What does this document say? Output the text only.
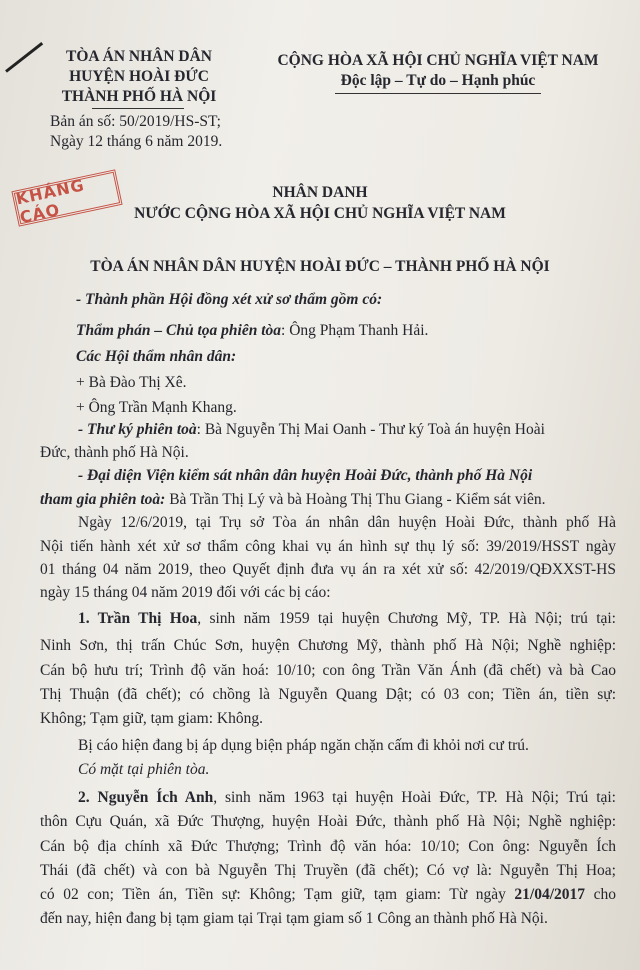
TÒA ÁN NHÂN DÂN
HUYỆN HOÀI ĐỨC
THÀNH PHỐ HÀ NỘI
Bản án số: 50/2019/HS-ST;
Ngày 12 tháng 6 năm 2019.
CỘNG HÒA XÃ HỘI CHỦ NGHĨA VIỆT NAM
Độc lập – Tự do – Hạnh phúc
KHÁNG CÁO
NHÂN DANH
NƯỚC CỘNG HÒA XÃ HỘI CHỦ NGHĨA VIỆT NAM
TÒA ÁN NHÂN DÂN HUYỆN HOÀI ĐỨC – THÀNH PHỐ HÀ NỘI
- Thành phần Hội đồng xét xử sơ thẩm gồm có:
Thẩm phán – Chủ tọa phiên tòa: Ông Phạm Thanh Hải.
Các Hội thẩm nhân dân:
+ Bà Đào Thị Xê.
+ Ông Trần Mạnh Khang.
- Thư ký phiên toà: Bà Nguyễn Thị Mai Oanh - Thư ký Toà án huyện Hoài
Đức, thành phố Hà Nội.
- Đại diện Viện kiểm sát nhân dân huyện Hoài Đức, thành phố Hà Nội
tham gia phiên toà: Bà Trần Thị Lý và bà Hoàng Thị Thu Giang - Kiểm sát viên.
Ngày 12/6/2019, tại Trụ sở Tòa án nhân dân huyện Hoài Đức, thành phố Hà
Nội tiến hành xét xử sơ thẩm công khai vụ án hình sự thụ lý số: 39/2019/HSST ngày
01 tháng 04 năm 2019, theo Quyết định đưa vụ án ra xét xử số: 42/2019/QĐXXST-HS
ngày 15 tháng 04 năm 2019 đối với các bị cáo:
1. Trần Thị Hoa, sinh năm 1959 tại huyện Chương Mỹ, TP. Hà Nội; trú tại:
Ninh Sơn, thị trấn Chúc Sơn, huyện Chương Mỹ, thành phố Hà Nội; Nghề nghiệp:
Cán bộ hưu trí; Trình độ văn hoá: 10/10; con ông Trần Văn Ánh (đã chết) và bà Cao
Thị Thuận (đã chết); có chồng là Nguyễn Quang Dật; có 03 con; Tiền án, tiền sự:
Không; Tạm giữ, tạm giam: Không.
Bị cáo hiện đang bị áp dụng biện pháp ngăn chặn cấm đi khỏi nơi cư trú.
Có mặt tại phiên tòa.
2. Nguyễn Ích Anh, sinh năm 1963 tại huyện Hoài Đức, TP. Hà Nội; Trú tại:
thôn Cựu Quán, xã Đức Thượng, huyện Hoài Đức, thành phố Hà Nội; Nghề nghiệp:
Cán bộ địa chính xã Đức Thượng; Trình độ văn hóa: 10/10; Con ông: Nguyễn Ích
Thái (đã chết) và con bà Nguyễn Thị Truyền (đã chết); Có vợ là: Nguyễn Thị Hoa;
có 02 con; Tiền án, Tiền sự: Không; Tạm giữ, tạm giam: Từ ngày 21/04/2017 cho
đến nay, hiện đang bị tạm giam tại Trại tạm giam số 1 Công an thành phố Hà Nội.
